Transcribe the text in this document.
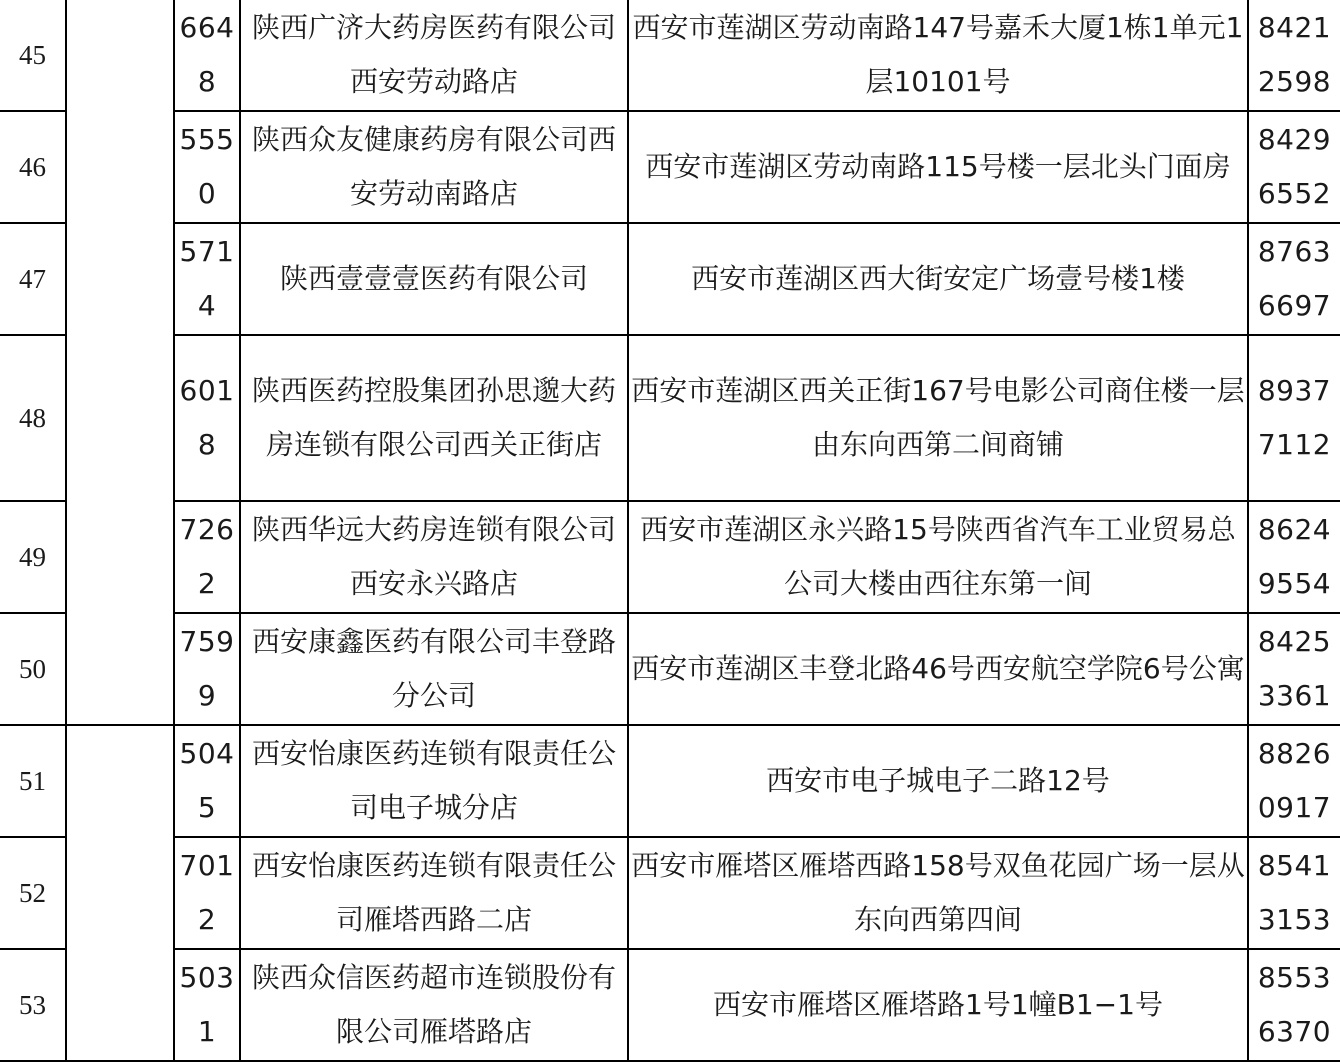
45		6648	陕西广济大药房医药有限公司西安劳动路店	西安市莲湖区劳动南路147号嘉禾大厦1栋1单元1层10101号	84212598
46		5550	陕西众友健康药房有限公司西安劳动南路店	西安市莲湖区劳动南路115号楼一层北头门面房	84296552
47		5714	陕西壹壹壹医药有限公司	西安市莲湖区西大街安定广场壹号楼1楼	87636697
48		6018	陕西医药控股集团孙思邈大药房连锁有限公司西关正街店	西安市莲湖区西关正街167号电影公司商住楼一层由东向西第二间商铺	89377112
49		7262	陕西华远大药房连锁有限公司西安永兴路店	西安市莲湖区永兴路15号陕西省汽车工业贸易总公司大楼由西往东第一间	86249554
50		7599	西安康鑫医药有限公司丰登路分公司	西安市莲湖区丰登北路46号西安航空学院6号公寓	84253361
51		5045	西安怡康医药连锁有限责任公司电子城分店	西安市电子城电子二路12号	88260917
52		7012	西安怡康医药连锁有限责任公司雁塔西路二店	西安市雁塔区雁塔西路158号双鱼花园广场一层从东向西第四间	85413153
53		5031	陕西众信医药超市连锁股份有限公司雁塔路店	西安市雁塔区雁塔路1号1幢B1−1号	85536370
